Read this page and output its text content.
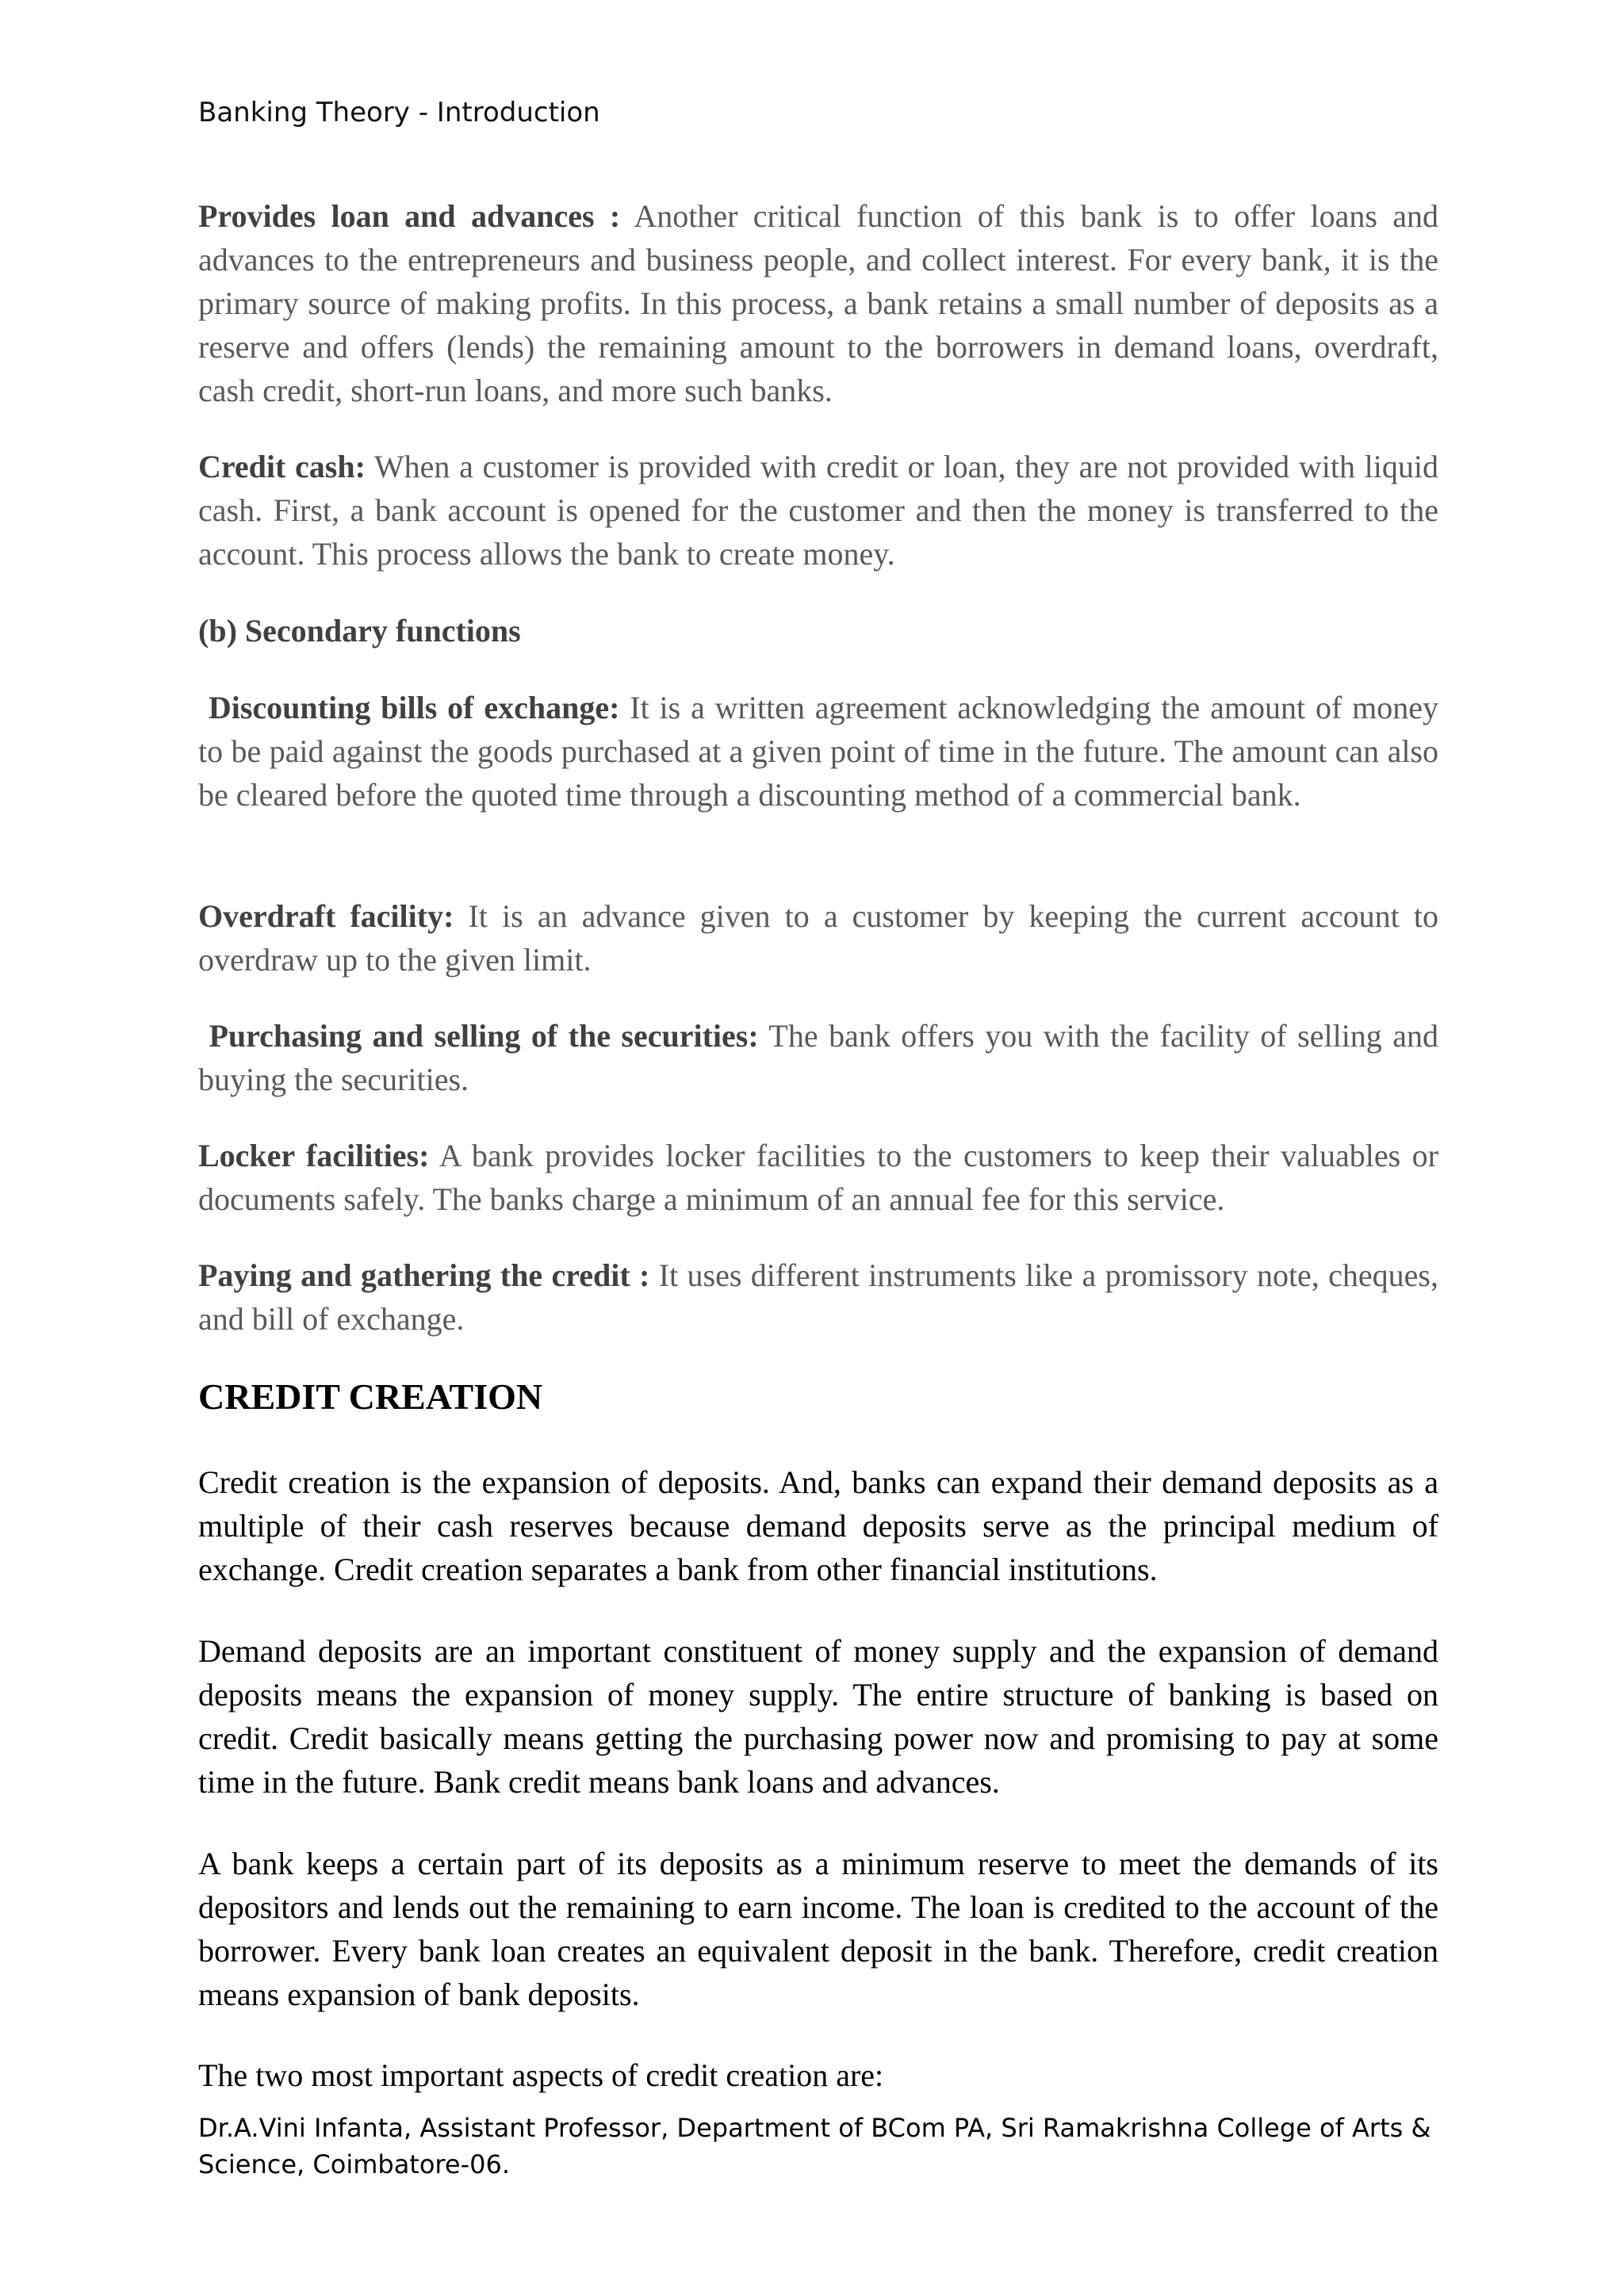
Banking Theory - Introduction

Provides loan and advances : Another critical function of this bank is to offer loans and advances to the entrepreneurs and business people, and collect interest. For every bank, it is the primary source of making profits. In this process, a bank retains a small number of deposits as a reserve and offers (lends) the remaining amount to the borrowers in demand loans, overdraft, cash credit, short-run loans, and more such banks.

Credit cash: When a customer is provided with credit or loan, they are not provided with liquid cash. First, a bank account is opened for the customer and then the money is transferred to the account. This process allows the bank to create money.

(b) Secondary functions

Discounting bills of exchange: It is a written agreement acknowledging the amount of money to be paid against the goods purchased at a given point of time in the future. The amount can also be cleared before the quoted time through a discounting method of a commercial bank.

Overdraft facility: It is an advance given to a customer by keeping the current account to overdraw up to the given limit.

Purchasing and selling of the securities: The bank offers you with the facility of selling and buying the securities.

Locker facilities: A bank provides locker facilities to the customers to keep their valuables or documents safely. The banks charge a minimum of an annual fee for this service.

Paying and gathering the credit : It uses different instruments like a promissory note, cheques, and bill of exchange.

CREDIT CREATION

Credit creation is the expansion of deposits. And, banks can expand their demand deposits as a multiple of their cash reserves because demand deposits serve as the principal medium of exchange. Credit creation separates a bank from other financial institutions.

Demand deposits are an important constituent of money supply and the expansion of demand deposits means the expansion of money supply. The entire structure of banking is based on credit. Credit basically means getting the purchasing power now and promising to pay at some time in the future. Bank credit means bank loans and advances.

A bank keeps a certain part of its deposits as a minimum reserve to meet the demands of its depositors and lends out the remaining to earn income. The loan is credited to the account of the borrower. Every bank loan creates an equivalent deposit in the bank. Therefore, credit creation means expansion of bank deposits.

The two most important aspects of credit creation are:

Dr.A.Vini Infanta, Assistant Professor, Department of BCom PA, Sri Ramakrishna College of Arts & Science, Coimbatore-06.
